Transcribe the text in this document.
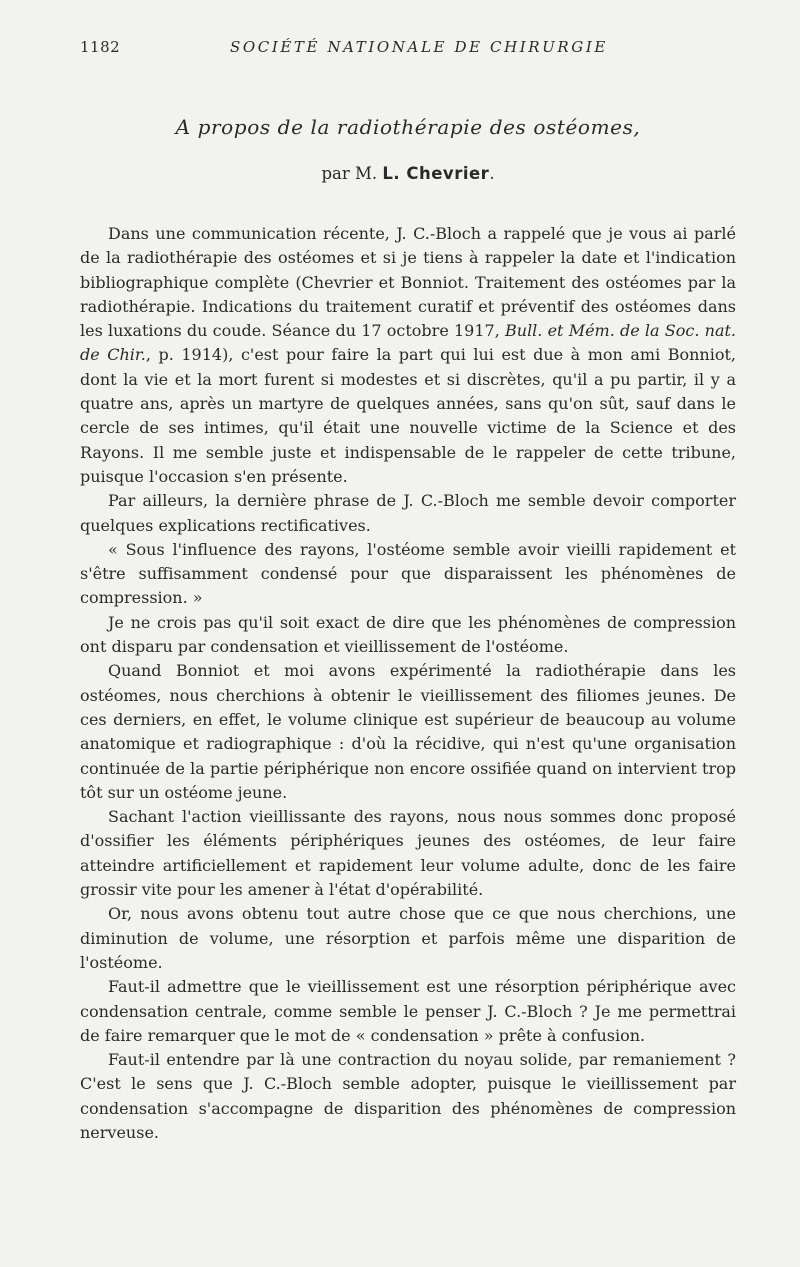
1182	SOCIÉTÉ NATIONALE DE CHIRURGIE
A propos de la radiothérapie des ostéomes,
par M. L. Chevrier.

Dans une communication récente, J. C.-Bloch a rappelé que je vous ai parlé de la radiothérapie des ostéomes et si je tiens à rappeler la date et l'indication bibliographique complète (Chevrier et Bonniot. Traitement des ostéomes par la radiothérapie. Indications du traitement curatif et préventif des ostéomes dans les luxations du coude. Séance du 17 octobre 1917, Bull. et Mém. de la Soc. nat. de Chir., p. 1914), c'est pour faire la part qui lui est due à mon ami Bonniot, dont la vie et la mort furent si modestes et si discrètes, qu'il a pu partir, il y a quatre ans, après un martyre de quelques années, sans qu'on sût, sauf dans le cercle de ses intimes, qu'il était une nouvelle victime de la Science et des Rayons. Il me semble juste et indispensable de le rappeler de cette tribune, puisque l'occasion s'en présente.

Par ailleurs, la dernière phrase de J. C.-Bloch me semble devoir comporter quelques explications rectificatives.

« Sous l'influence des rayons, l'ostéome semble avoir vieilli rapidement et s'être suffisamment condensé pour que disparaissent les phénomènes de compression. »

Je ne crois pas qu'il soit exact de dire que les phénomènes de compression ont disparu par condensation et vieillissement de l'ostéome.

Quand Bonniot et moi avons expérimenté la radiothérapie dans les ostéomes, nous cherchions à obtenir le vieillissement des filiomes jeunes. De ces derniers, en effet, le volume clinique est supérieur de beaucoup au volume anatomique et radiographique : d'où la récidive, qui n'est qu'une organisation continuée de la partie périphérique non encore ossifiée quand on intervient trop tôt sur un ostéome jeune.

Sachant l'action vieillissante des rayons, nous nous sommes donc proposé d'ossifier les éléments périphériques jeunes des ostéomes, de leur faire atteindre artificiellement et rapidement leur volume adulte, donc de les faire grossir vite pour les amener à l'état d'opérabilité.

Or, nous avons obtenu tout autre chose que ce que nous cherchions, une diminution de volume, une résorption et parfois même une disparition de l'ostéome.

Faut-il admettre que le vieillissement est une résorption périphérique avec condensation centrale, comme semble le penser J. C.-Bloch ? Je me permettrai de faire remarquer que le mot de « condensation » prête à confusion.

Faut-il entendre par là une contraction du noyau solide, par remaniement ? C'est le sens que J. C.-Bloch semble adopter, puisque le vieillissement par condensation s'accompagne de disparition des phénomènes de compression nerveuse.
